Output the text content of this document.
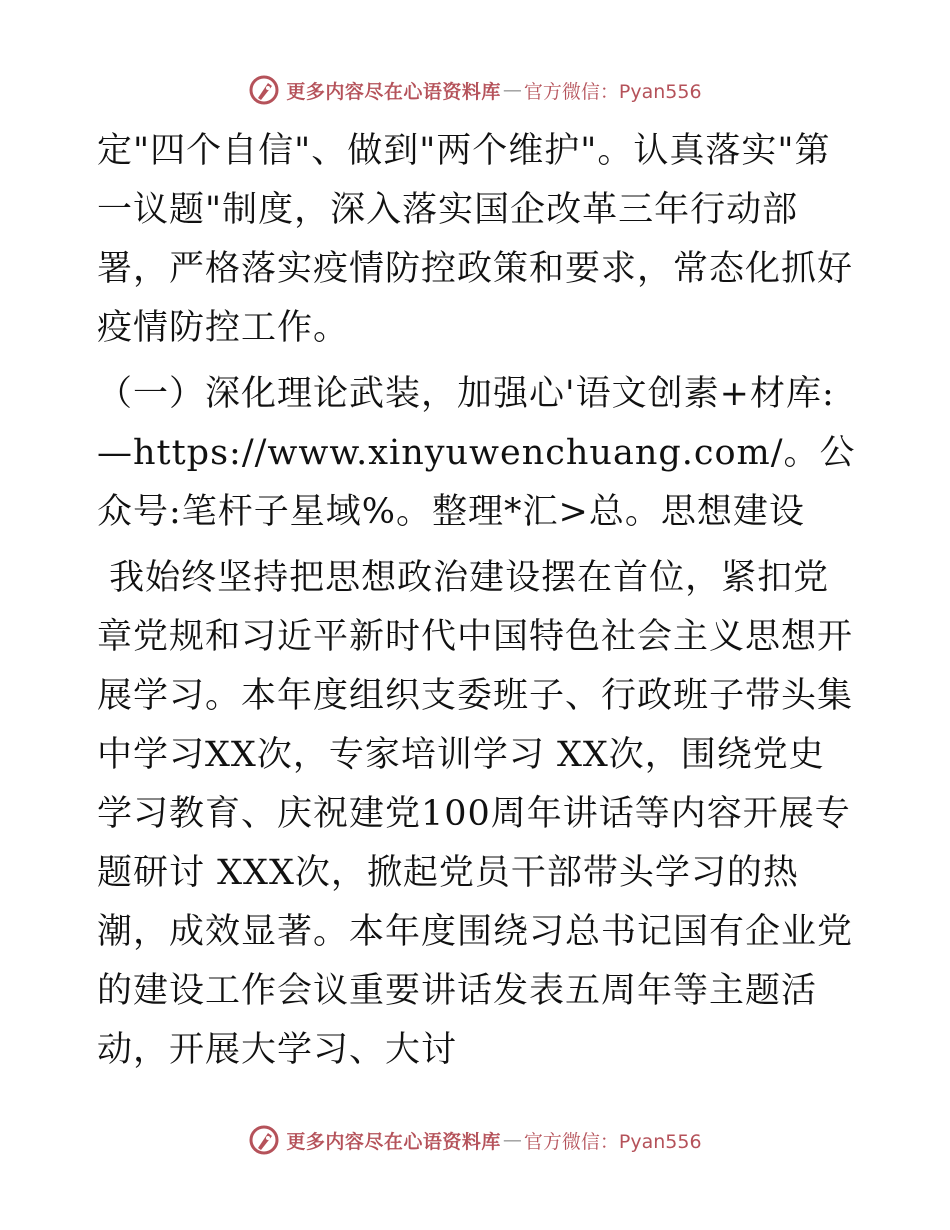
更多内容尽在心语资料库 — 官方微信：Pyan556

定"四个自信"、做到"两个维护"。认真落实"第一议题"制度，深入落实国企改革三年行动部署，严格落实疫情防控政策和要求，常态化抓好疫情防控工作。

（一）深化理论武装，加强心'语文创素+材库:—https://www.xinyuwenchuang.com/。公众号:笔杆子星域%。整理*汇>总。思想建设

我始终坚持把思想政治建设摆在首位，紧扣党章党规和习近平新时代中国特色社会主义思想开展学习。本年度组织支委班子、行政班子带头集中学习XX次，专家培训学习 XX次，围绕党史学习教育、庆祝建党100周年讲话等内容开展专题研讨 XXX次，掀起党员干部带头学习的热潮，成效显著。本年度围绕习总书记国有企业党的建设工作会议重要讲话发表五周年等主题活动，开展大学习、大讨

更多内容尽在心语资料库 — 官方微信：Pyan556
